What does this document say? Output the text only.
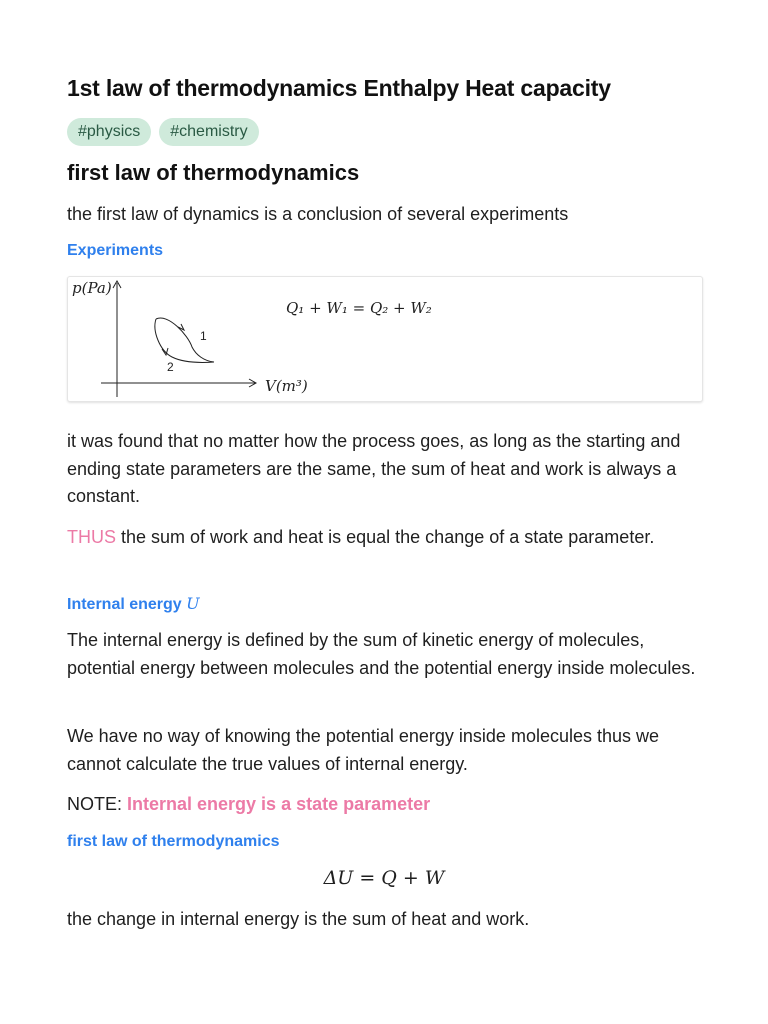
1st law of thermodynamics Enthalpy Heat capacity
#physics	#chemistry
first law of thermodynamics
the first law of dynamics is a conclusion of several experiments
Experiments
1
2
p(Pa)
V(m³)
Q₁ + W₁ = Q₂ + W₂
it was found that no matter how the process goes, as long as the starting and ending state parameters are the same, the sum of heat and work is always a constant.
THUS the sum of work and heat is equal the change of a state parameter.
Internal energy U
The internal energy is defined by the sum of kinetic energy of molecules, potential energy between molecules and the potential energy inside molecules.
We have no way of knowing the potential energy inside molecules thus we cannot calculate the true values of internal energy.
NOTE: Internal energy is a state parameter
first law of thermodynamics
ΔU = Q + W
the change in internal energy is the sum of heat and work.
